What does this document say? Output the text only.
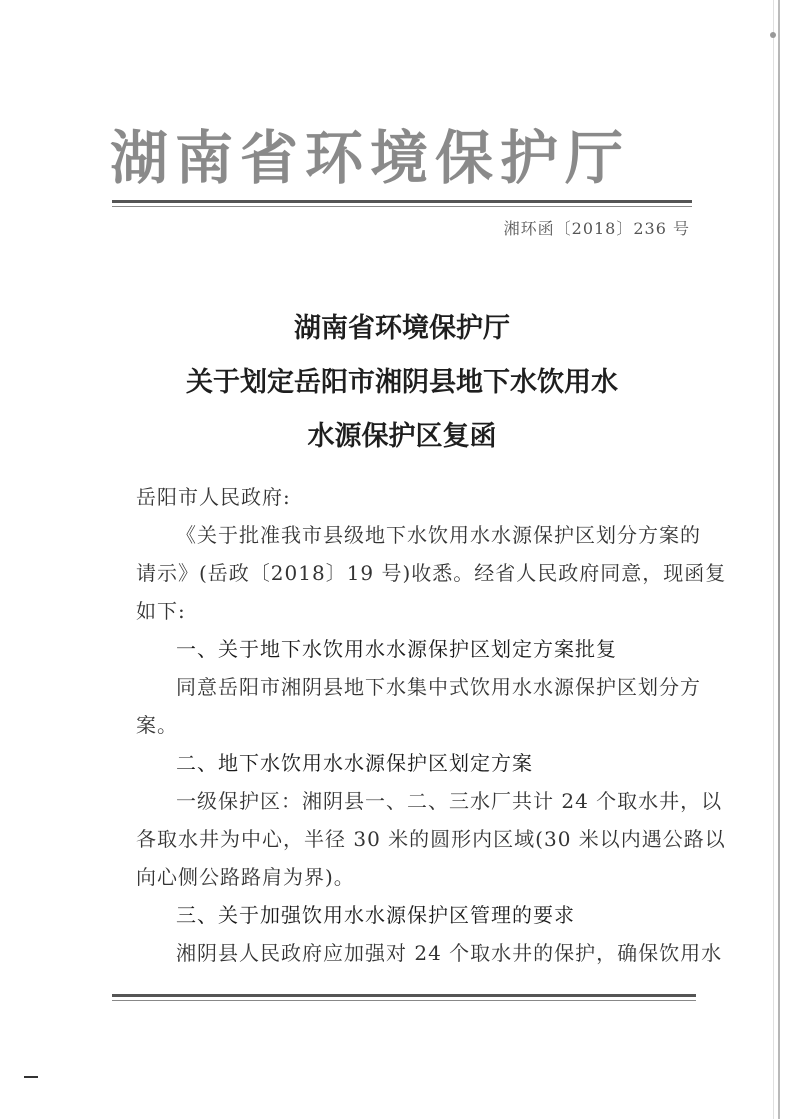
湖南省环境保护厅
湘环函〔2018〕236 号
湖南省环境保护厅
关于划定岳阳市湘阴县地下水饮用水
水源保护区复函
岳阳市人民政府:
《关于批准我市县级地下水饮用水水源保护区划分方案的
请示》(岳政〔2018〕19 号)收悉。经省人民政府同意，现函复
如下:
一、关于地下水饮用水水源保护区划定方案批复
同意岳阳市湘阴县地下水集中式饮用水水源保护区划分方
案。
二、地下水饮用水水源保护区划定方案
一级保护区：湘阴县一、二、三水厂共计 24 个取水井，以
各取水井为中心，半径 30 米的圆形内区域(30 米以内遇公路以
向心侧公路路肩为界)。
三、关于加强饮用水水源保护区管理的要求
湘阴县人民政府应加强对 24 个取水井的保护，确保饮用水
